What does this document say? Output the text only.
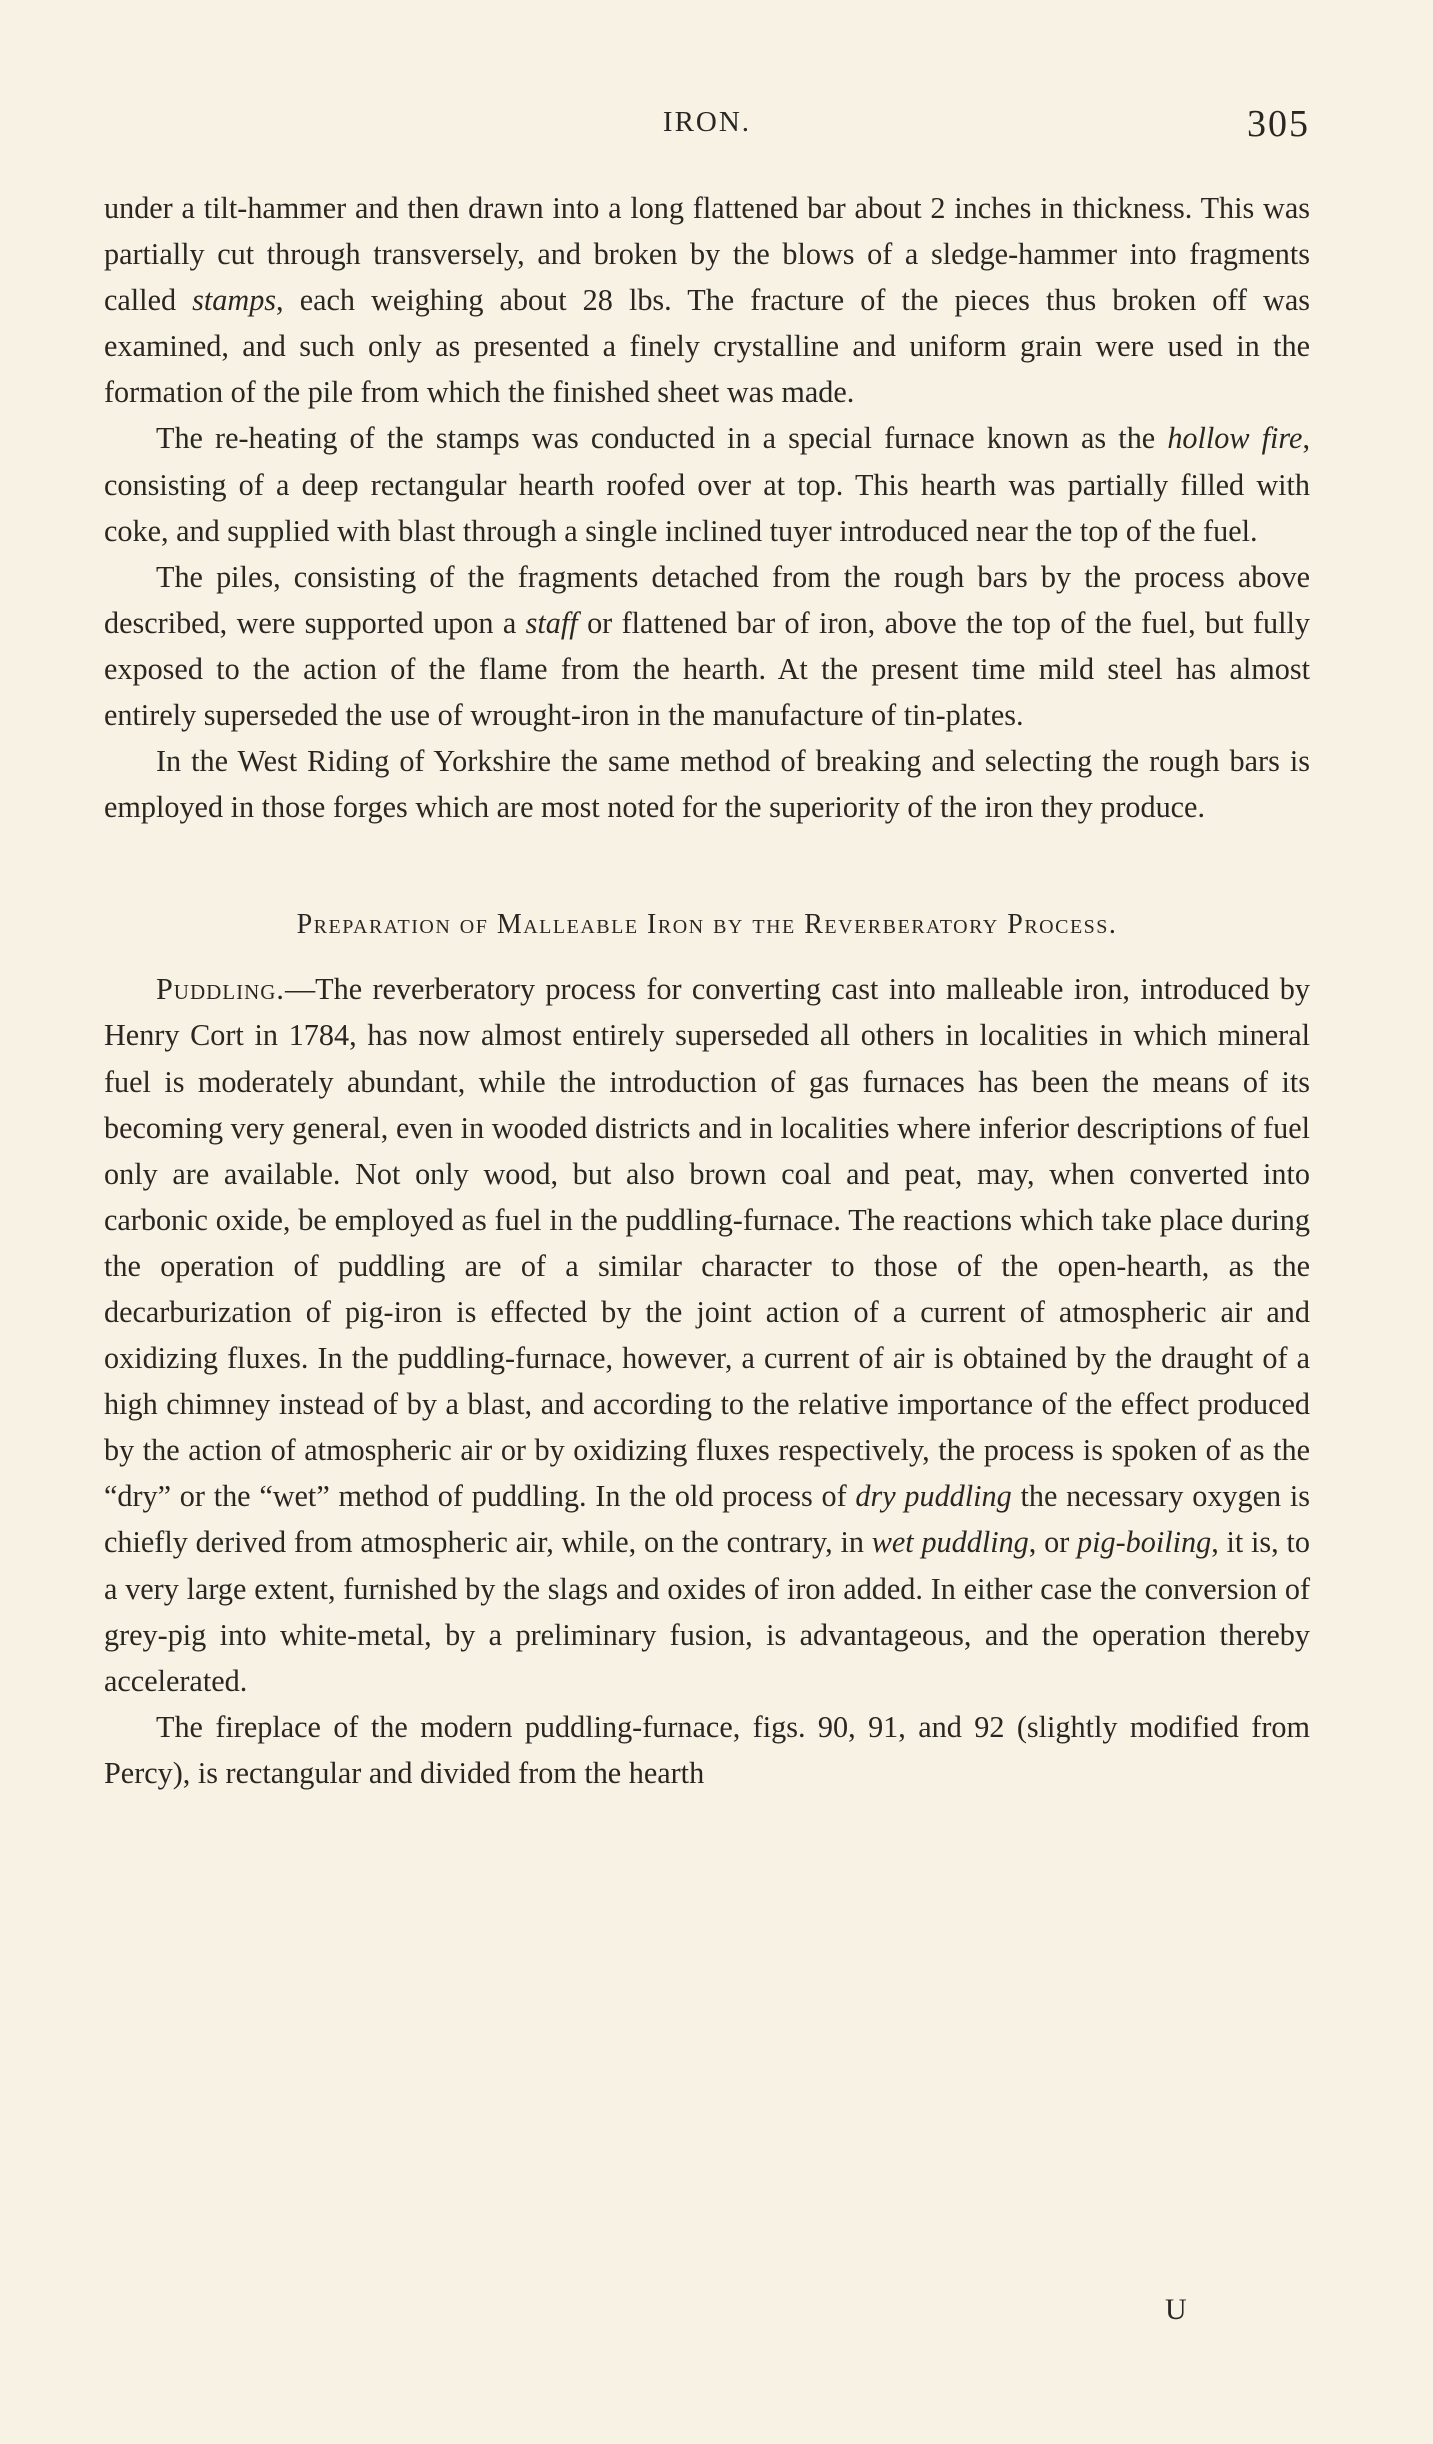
IRON.	305

under a tilt-hammer and then drawn into a long flattened bar about 2 inches in thickness. This was partially cut through transversely, and broken by the blows of a sledge-hammer into fragments called stamps, each weighing about 28 lbs. The fracture of the pieces thus broken off was examined, and such only as presented a finely crystalline and uniform grain were used in the formation of the pile from which the finished sheet was made.

The re-heating of the stamps was conducted in a special furnace known as the hollow fire, consisting of a deep rectangular hearth roofed over at top. This hearth was partially filled with coke, and supplied with blast through a single inclined tuyer introduced near the top of the fuel.

The piles, consisting of the fragments detached from the rough bars by the process above described, were supported upon a staff or flattened bar of iron, above the top of the fuel, but fully exposed to the action of the flame from the hearth. At the present time mild steel has almost entirely superseded the use of wrought-iron in the manufacture of tin-plates.

In the West Riding of Yorkshire the same method of breaking and selecting the rough bars is employed in those forges which are most noted for the superiority of the iron they produce.

Preparation of Malleable Iron by the Reverberatory Process.

Puddling.—The reverberatory process for converting cast into malleable iron, introduced by Henry Cort in 1784, has now almost entirely superseded all others in localities in which mineral fuel is moderately abundant, while the introduction of gas furnaces has been the means of its becoming very general, even in wooded districts and in localities where inferior descriptions of fuel only are available. Not only wood, but also brown coal and peat, may, when converted into carbonic oxide, be employed as fuel in the puddling-furnace. The reactions which take place during the operation of puddling are of a similar character to those of the open-hearth, as the decarburization of pig-iron is effected by the joint action of a current of atmospheric air and oxidizing fluxes. In the puddling-furnace, however, a current of air is obtained by the draught of a high chimney instead of by a blast, and according to the relative importance of the effect produced by the action of atmospheric air or by oxidizing fluxes respectively, the process is spoken of as the “dry” or the “wet” method of puddling. In the old process of dry puddling the necessary oxygen is chiefly derived from atmospheric air, while, on the contrary, in wet puddling, or pig-boiling, it is, to a very large extent, furnished by the slags and oxides of iron added. In either case the conversion of grey-pig into white-metal, by a preliminary fusion, is advantageous, and the operation thereby accelerated.

The fireplace of the modern puddling-furnace, figs. 90, 91, and 92 (slightly modified from Percy), is rectangular and divided from the hearth

U
